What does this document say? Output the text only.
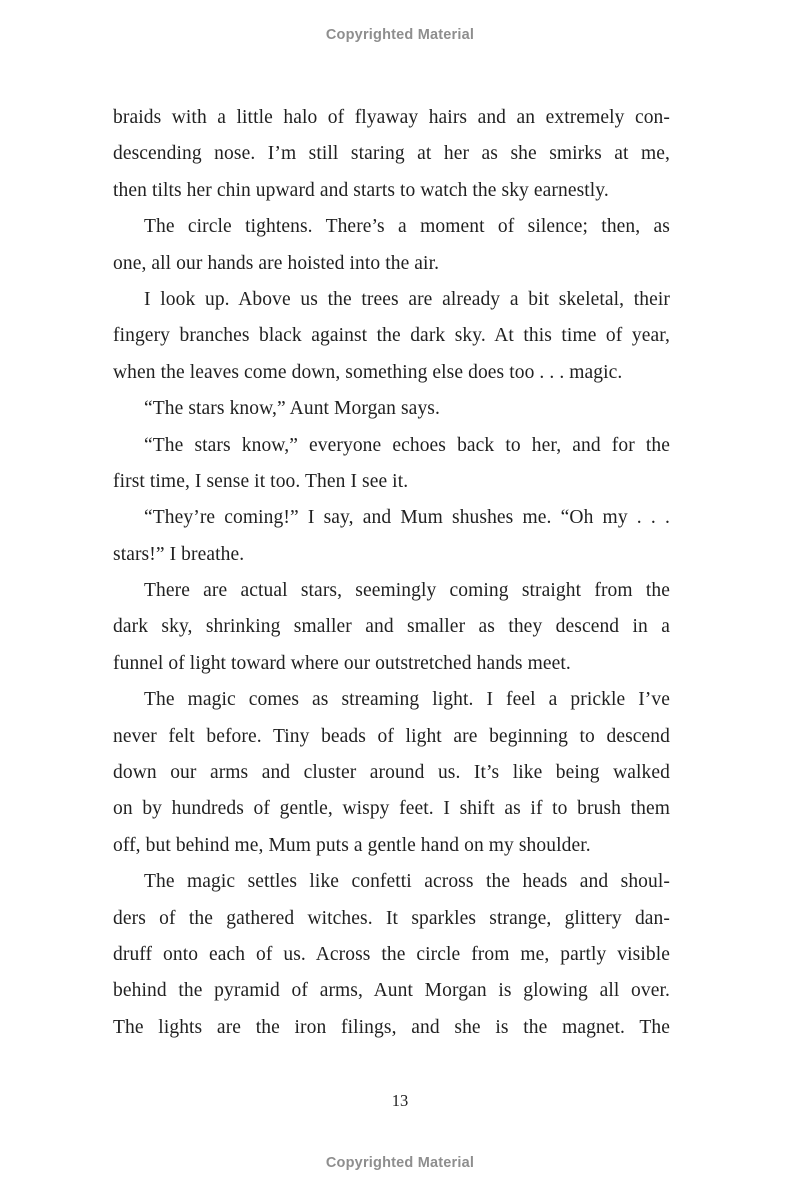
Copyrighted Material
braids with a little halo of flyaway hairs and an extremely con-
descending nose. I’m still staring at her as she smirks at me,
then tilts her chin upward and starts to watch the sky earnestly.
The circle tightens. There’s a moment of silence; then, as
one, all our hands are hoisted into the air.
I look up. Above us the trees are already a bit skeletal, their
fingery branches black against the dark sky. At this time of year,
when the leaves come down, something else does too . . . magic.
“The stars know,” Aunt Morgan says.
“The stars know,” everyone echoes back to her, and for the
first time, I sense it too. Then I see it.
“They’re coming!” I say, and Mum shushes me. “Oh my . . .
stars!” I breathe.
There are actual stars, seemingly coming straight from the
dark sky, shrinking smaller and smaller as they descend in a
funnel of light toward where our outstretched hands meet.
The magic comes as streaming light. I feel a prickle I’ve
never felt before. Tiny beads of light are beginning to descend
down our arms and cluster around us. It’s like being walked
on by hundreds of gentle, wispy feet. I shift as if to brush them
off, but behind me, Mum puts a gentle hand on my shoulder.
The magic settles like confetti across the heads and shoul-
ders of the gathered witches. It sparkles strange, glittery dan-
druff onto each of us. Across the circle from me, partly visible
behind the pyramid of arms, Aunt Morgan is glowing all over.
The lights are the iron filings, and she is the magnet. The
13
Copyrighted Material
